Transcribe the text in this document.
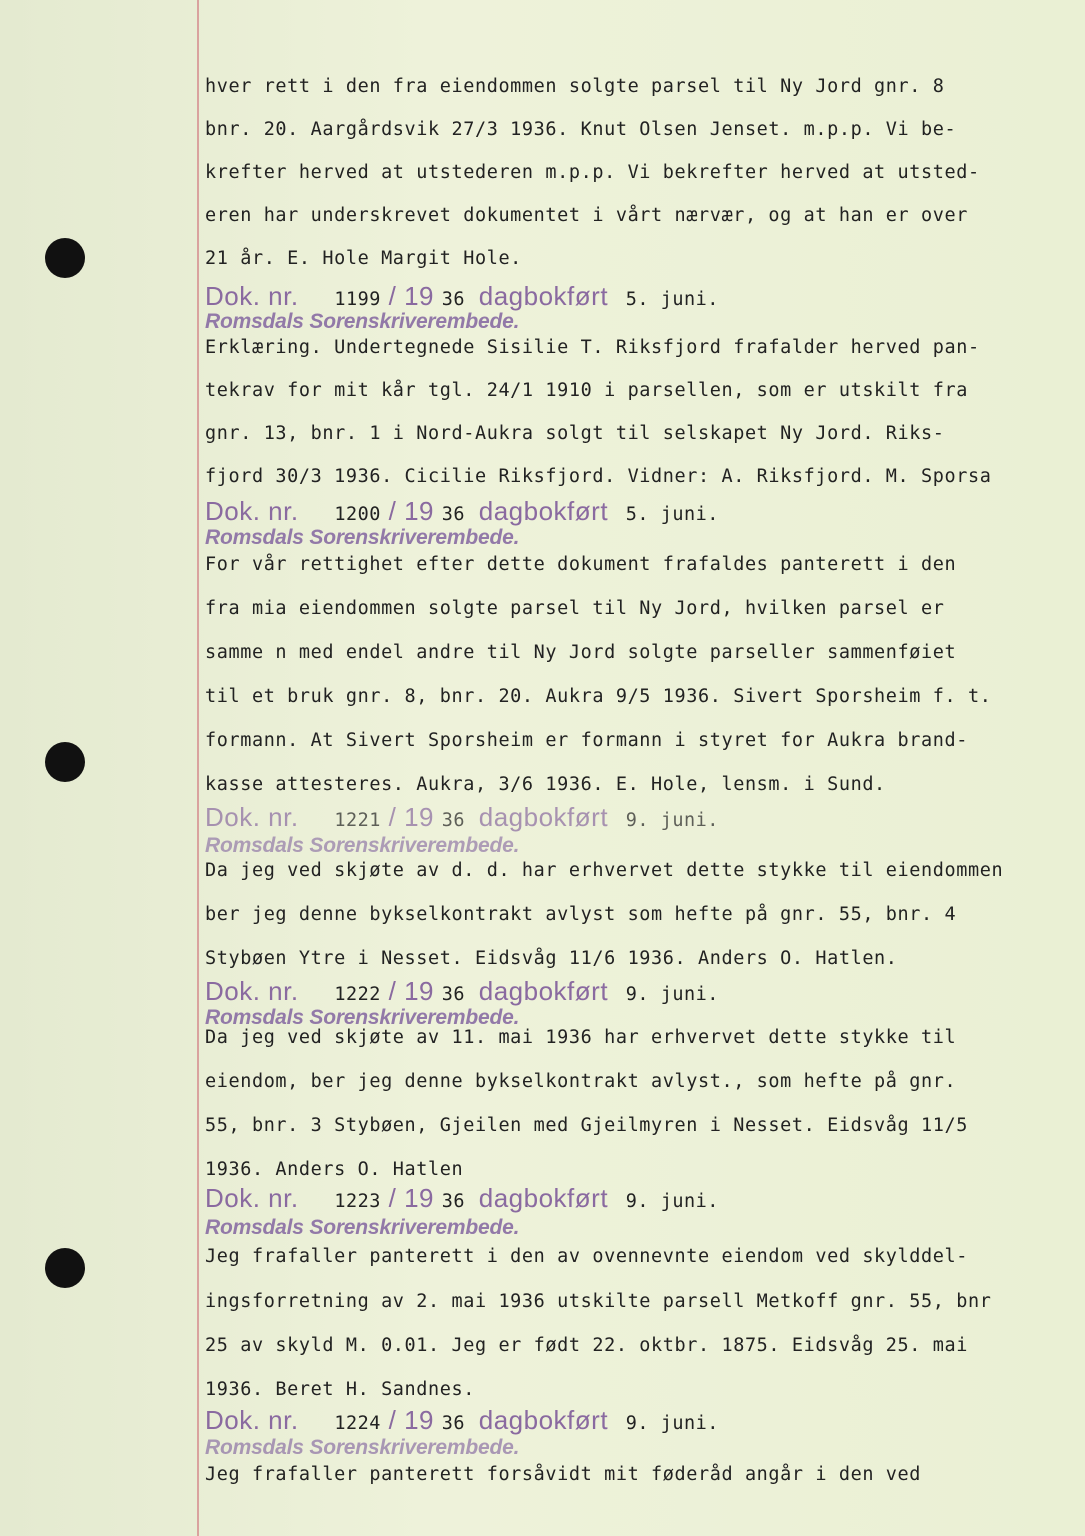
hver rett i den fra eiendommen solgte parsel til Ny Jord gnr. 8
bnr. 20. Aargårdsvik 27/3 1936. Knut Olsen Jenset. m.p.p. Vi be-
krefter herved at utstederen m.p.p. Vi bekrefter herved at utsted-
eren har underskrevet dokumentet i vårt nærvær, og at han er over
21 år. E. Hole Margit Hole.
Dok. nr. 1199 / 19 36 dagbokført 5. juni.
Romsdals Sorenskriverembede.
Erklæring. Undertegnede Sisilie T. Riksfjord frafalder herved pan-
tekrav for mit kår tgl. 24/1 1910 i parsellen, som er utskilt fra
gnr. 13, bnr. 1 i Nord-Aukra solgt til selskapet Ny Jord. Riks-
fjord 30/3 1936. Cicilie Riksfjord. Vidner: A. Riksfjord. M. Sporsa
Dok. nr. 1200 / 19 36 dagbokført 5. juni.
Romsdals Sorenskriverembede.
For vår rettighet efter dette dokument frafaldes panterett i den
fra mia eiendommen solgte parsel til Ny Jord, hvilken parsel er
samme n med endel andre til Ny Jord solgte parseller sammenføiet
til et bruk gnr. 8, bnr. 20. Aukra 9/5 1936. Sivert Sporsheim f. t.
formann. At Sivert Sporsheim er formann i styret for Aukra brand-
kasse attesteres. Aukra, 3/6 1936. E. Hole, lensm. i Sund.
Dok. nr. 1221 / 19 36 dagbokført 9. juni.
Romsdals Sorenskriverembede.
Da jeg ved skjøte av d. d. har erhvervet dette stykke til eiendommen
ber jeg denne bykselkontrakt avlyst som hefte på gnr. 55, bnr. 4
Stybøen Ytre i Nesset. Eidsvåg 11/6 1936. Anders O. Hatlen.
Dok. nr. 1222 / 19 36 dagbokført 9. juni.
Romsdals Sorenskriverembede.
Da jeg ved skjøte av 11. mai 1936 har erhvervet dette stykke til
eiendom, ber jeg denne bykselkontrakt avlyst., som hefte på gnr.
55, bnr. 3 Stybøen, Gjeilen med Gjeilmyren i Nesset. Eidsvåg 11/5
1936. Anders O. Hatlen
Dok. nr. 1223 / 19 36 dagbokført 9. juni.
Romsdals Sorenskriverembede.
Jeg frafaller panterett i den av ovennevnte eiendom ved skylddel-
ingsforretning av 2. mai 1936 utskilte parsell Metkoff gnr. 55, bnr
25 av skyld M. 0.01. Jeg er født 22. oktbr. 1875. Eidsvåg 25. mai
1936. Beret H. Sandnes.
Dok. nr. 1224 / 19 36 dagbokført 9. juni.
Romsdals Sorenskriverembede.
Jeg frafaller panterett forsåvidt mit føderåd angår i den ved
